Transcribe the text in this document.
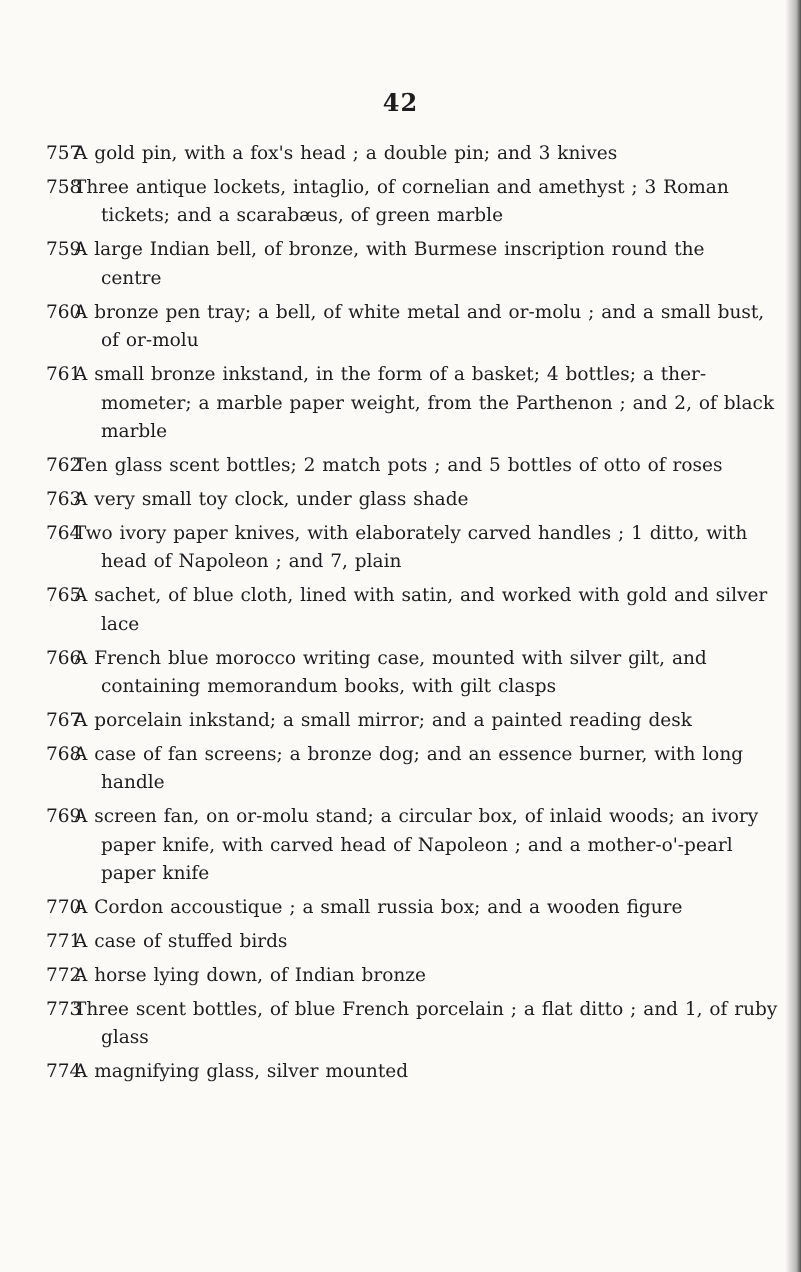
42
757
A gold pin, with a fox's head ; a double pin; and 3 knives
758
Three antique lockets, intaglio, of cornelian and amethyst ; 3 Roman
tickets; and a scarabæus, of green marble
759
A large Indian bell, of bronze, with Burmese inscription round the
centre
760
A bronze pen tray; a bell, of white metal and or-molu ; and a small bust,
of or-molu
761
A small bronze inkstand, in the form of a basket; 4 bottles; a ther-
mometer; a marble paper weight, from the Parthenon ; and 2, of black
marble
762
Ten glass scent bottles; 2 match pots ; and 5 bottles of otto of roses
763
A very small toy clock, under glass shade
764
Two ivory paper knives, with elaborately carved handles ; 1 ditto, with
head of Napoleon ; and 7, plain
765
A sachet, of blue cloth, lined with satin, and worked with gold and silver
lace
766
A French blue morocco writing case, mounted with silver gilt, and
containing memorandum books, with gilt clasps
767
A porcelain inkstand; a small mirror; and a painted reading desk
768
A case of fan screens; a bronze dog; and an essence burner, with long
handle
769
A screen fan, on or-molu stand; a circular box, of inlaid woods; an ivory
paper knife, with carved head of Napoleon ; and a mother-o'-pearl
paper knife
770
A Cordon accoustique ; a small russia box; and a wooden figure
771
A case of stuffed birds
772
A horse lying down, of Indian bronze
773
Three scent bottles, of blue French porcelain ; a flat ditto ; and 1, of ruby
glass
774
A magnifying glass, silver mounted
